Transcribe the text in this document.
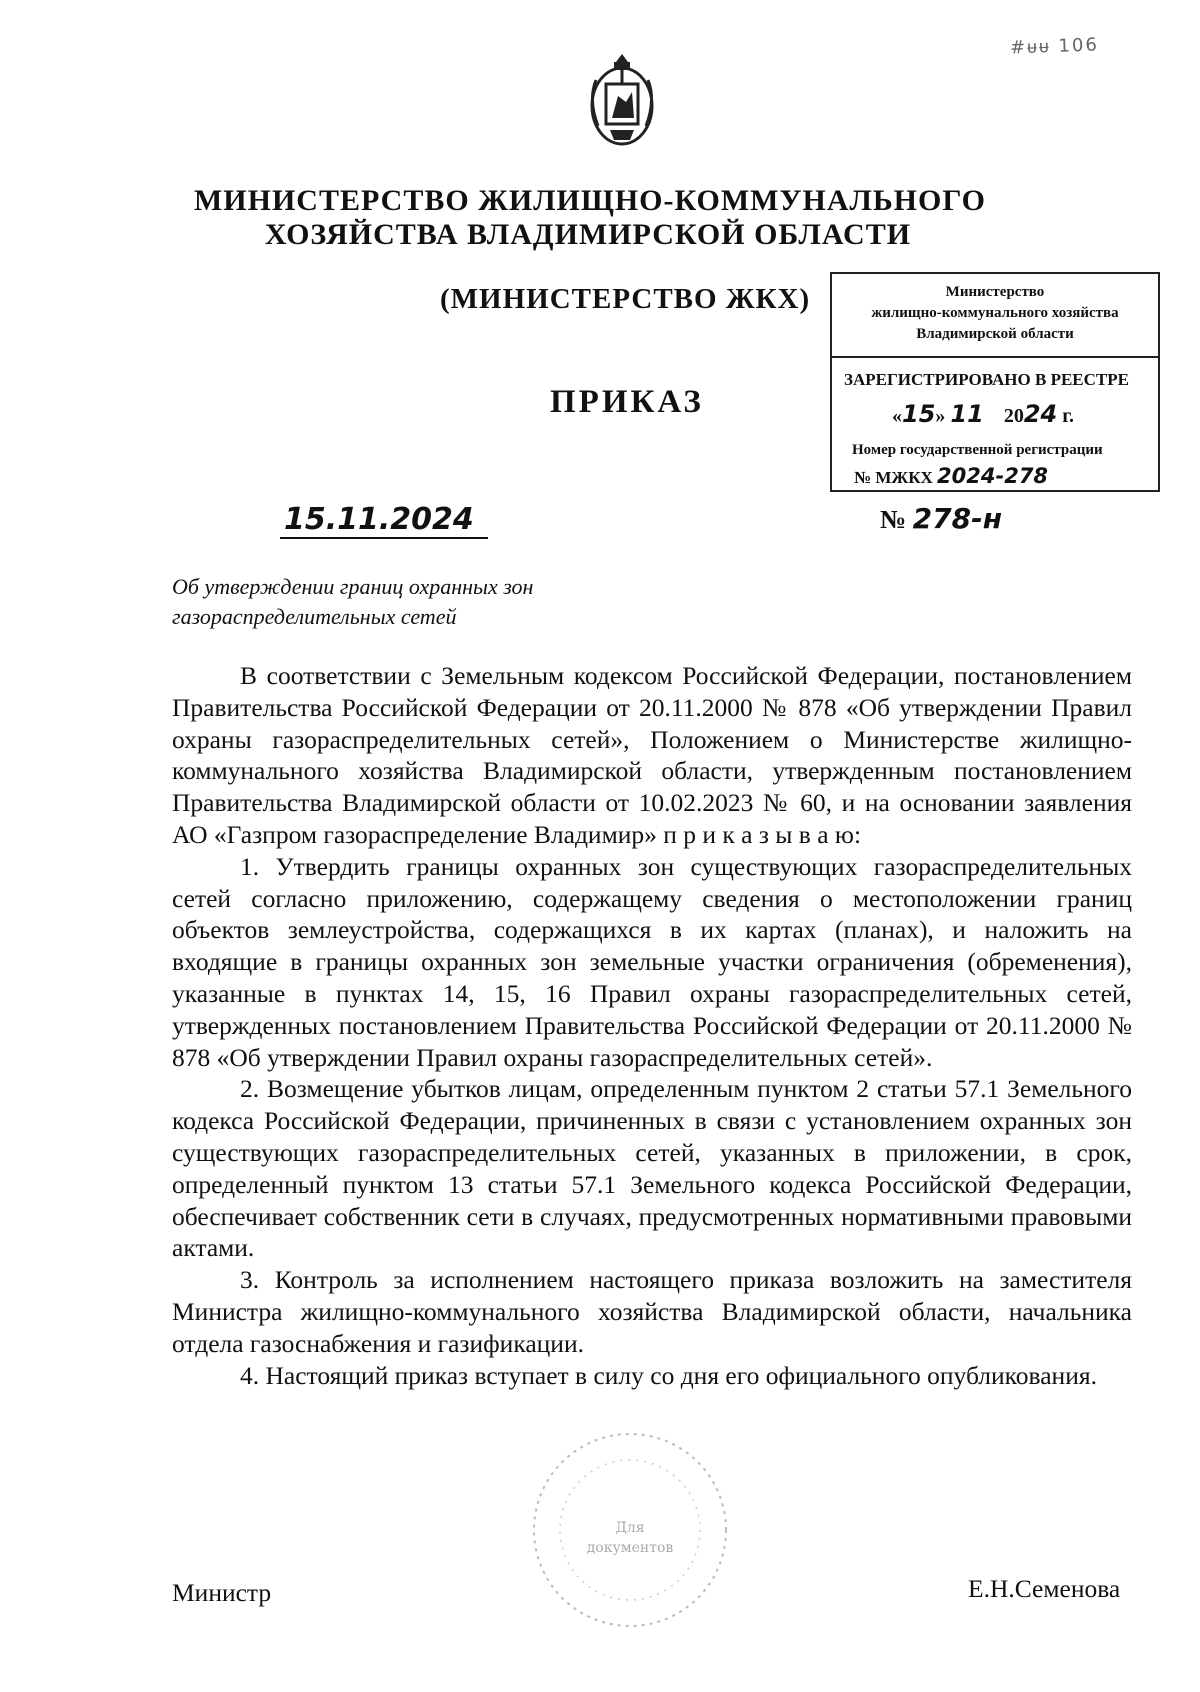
#ᵾᵾ 106
МИНИСТЕРСТВО ЖИЛИЩНО-КОММУНАЛЬНОГО
ХОЗЯЙСТВА ВЛАДИМИРСКОЙ ОБЛАСТИ
(МИНИСТЕРСТВО ЖКХ)
ПРИКАЗ
Министерство
жилищно-коммунального хозяйства
Владимирской области
ЗАРЕГИСТРИРОВАНО В РЕЕСТРЕ
«15» 11 2024 г.
Номер государственной регистрации
№ МЖКХ 2024-278
15.11.2024	№ 278-н
Об утверждении границ охранных зон
газораспределительных сетей

В соответствии с Земельным кодексом Российской Федерации, постановлением Правительства Российской Федерации от 20.11.2000 № 878 «Об утверждении Правил охраны газораспределительных сетей», Положением о Министерстве жилищно-коммунального хозяйства Владимирской области, утвержденным постановлением Правительства Владимирской области от 10.02.2023 № 60, и на основании заявления АО «Газпром газораспределение Владимир» п р и к а з ы в а ю:

1. Утвердить границы охранных зон существующих газораспределительных сетей согласно приложению, содержащему сведения о местоположении границ объектов землеустройства, содержащихся в их картах (планах), и наложить на входящие в границы охранных зон земельные участки ограничения (обременения), указанные в пунктах 14, 15, 16 Правил охраны газораспределительных сетей, утвержденных постановлением Правительства Российской Федерации от 20.11.2000 № 878 «Об утверждении Правил охраны газораспределительных сетей».

2. Возмещение убытков лицам, определенным пунктом 2 статьи 57.1 Земельного кодекса Российской Федерации, причиненных в связи с установлением охранных зон существующих газораспределительных сетей, указанных в приложении, в срок, определенный пунктом 13 статьи 57.1 Земельного кодекса Российской Федерации, обеспечивает собственник сети в случаях, предусмотренных нормативными правовыми актами.

3. Контроль за исполнением настоящего приказа возложить на заместителя Министра жилищно-коммунального хозяйства Владимирской области, начальника отдела газоснабжения и газификации.

4. Настоящий приказ вступает в силу со дня его официального опубликования.

Для
документов
Министр	Е.Н.Семенова
